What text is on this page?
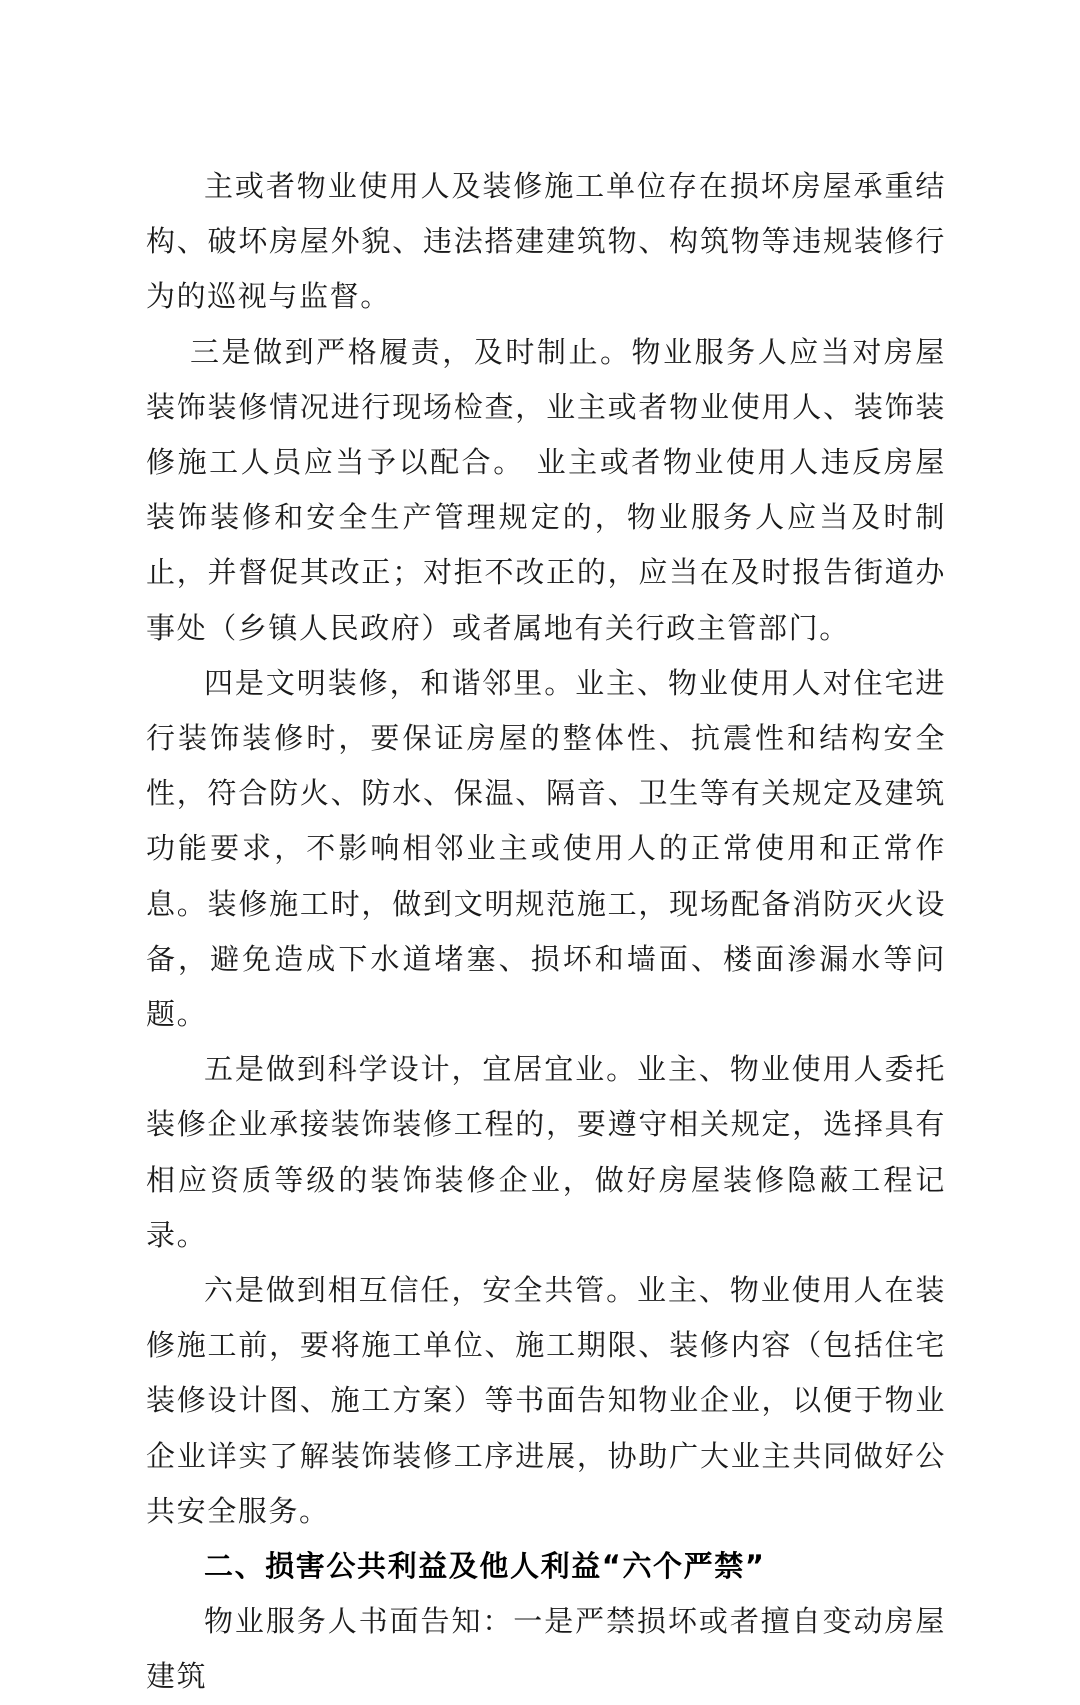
主或者物业使用人及装修施工单位存在损坏房屋承重结构、破坏房屋外貌、违法搭建建筑物、构筑物等违规装修行为的巡视与监督。

三是做到严格履责，及时制止。物业服务人应当对房屋装饰装修情况进行现场检查，业主或者物业使用人、装饰装修施工人员应当予以配合。 业主或者物业使用人违反房屋装饰装修和安全生产管理规定的，物业服务人应当及时制止，并督促其改正；对拒不改正的，应当在及时报告街道办事处（乡镇人民政府）或者属地有关行政主管部门。

四是文明装修，和谐邻里。业主、物业使用人对住宅进行装饰装修时，要保证房屋的整体性、抗震性和结构安全性，符合防火、防水、保温、隔音、卫生等有关规定及建筑功能要求，不影响相邻业主或使用人的正常使用和正常作息。装修施工时，做到文明规范施工，现场配备消防灭火设备，避免造成下水道堵塞、损坏和墙面、楼面渗漏水等问题。

五是做到科学设计，宜居宜业。业主、物业使用人委托装修企业承接装饰装修工程的，要遵守相关规定，选择具有相应资质等级的装饰装修企业，做好房屋装修隐蔽工程记录。

六是做到相互信任，安全共管。业主、物业使用人在装修施工前，要将施工单位、施工期限、装修内容（包括住宅装修设计图、施工方案）等书面告知物业企业，以便于物业企业详实了解装饰装修工序进展，协助广大业主共同做好公共安全服务。

二、损害公共利益及他人利益“六个严禁”

物业服务人书面告知：一是严禁损坏或者擅自变动房屋建筑
